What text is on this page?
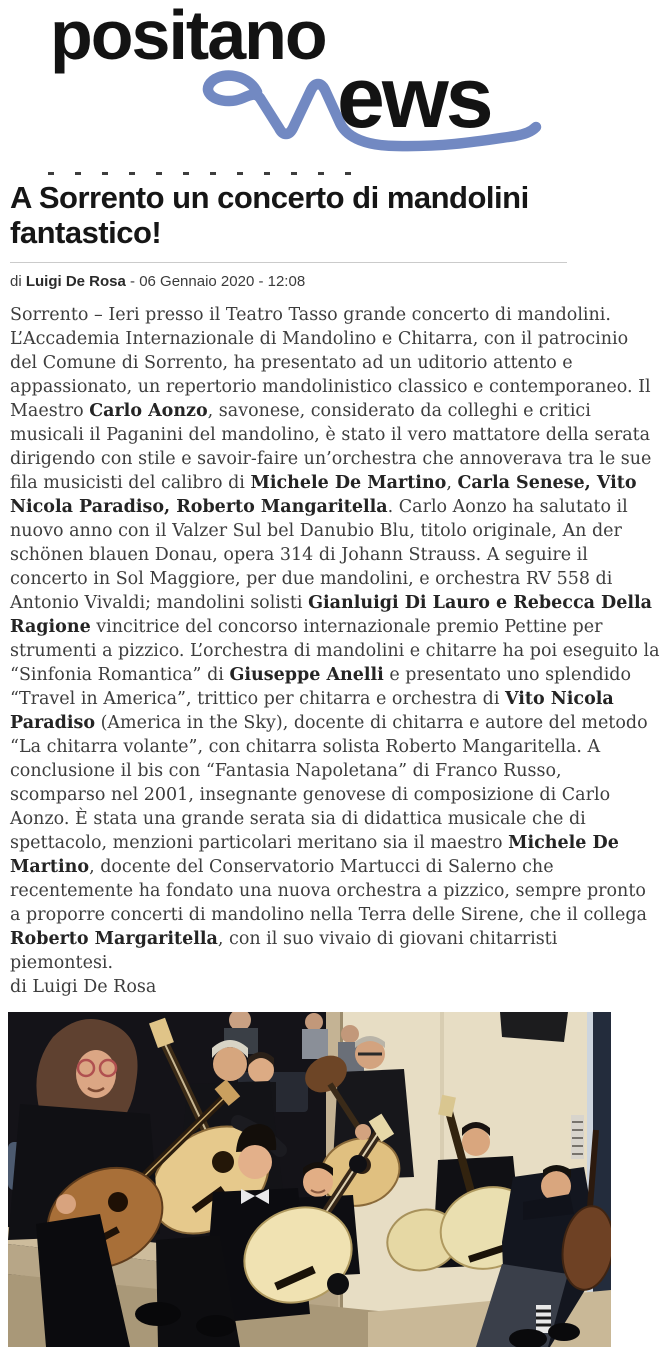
positano
ews
A Sorrento un concerto di mandolini fantastico!

di Luigi De Rosa - 06 Gennaio 2020 - 12:08

Sorrento – Ieri presso il Teatro Tasso grande concerto di mandolini. L’Accademia Internazionale di Mandolino e Chitarra, con il patrocinio del Comune di Sorrento, ha presentato ad un uditorio attento e appassionato, un repertorio mandolinistico classico e contemporaneo. Il Maestro Carlo Aonzo, savonese, considerato da colleghi e critici musicali il Paganini del mandolino, è stato il vero mattatore della serata dirigendo con stile e savoir-faire un’orchestra che annoverava tra le sue fila musicisti del calibro di Michele De Martino, Carla Senese, Vito Nicola Paradiso, Roberto Mangaritella. Carlo Aonzo ha salutato il nuovo anno con il Valzer Sul bel Danubio Blu, titolo originale, An der schönen blauen Donau, opera 314 di Johann Strauss. A seguire il concerto in Sol Maggiore, per due mandolini, e orchestra RV 558 di Antonio Vivaldi; mandolini solisti Gianluigi Di Lauro e Rebecca Della Ragione vincitrice del concorso internazionale premio Pettine per strumenti a pizzico. L’orchestra di mandolini e chitarre ha poi eseguito la “Sinfonia Romantica” di Giuseppe Anelli e presentato uno splendido “Travel in America”, trittico per chitarra e orchestra di Vito Nicola Paradiso (America in the Sky), docente di chitarra e autore del metodo “La chitarra volante”, con chitarra solista Roberto Mangaritella. A conclusione il bis con “Fantasia Napoletana” di Franco Russo, scomparso nel 2001, insegnante genovese di composizione di Carlo Aonzo. È stata una grande serata sia di didattica musicale che di spettacolo, menzioni particolari meritano sia il maestro Michele De Martino, docente del Conservatorio Martucci di Salerno che recentemente ha fondato una nuova orchestra a pizzico, sempre pronto a proporre concerti di mandolino nella Terra delle Sirene, che il collega Roberto Margaritella, con il suo vivaio di giovani chitarristi piemontesi.

di Luigi De Rosa
